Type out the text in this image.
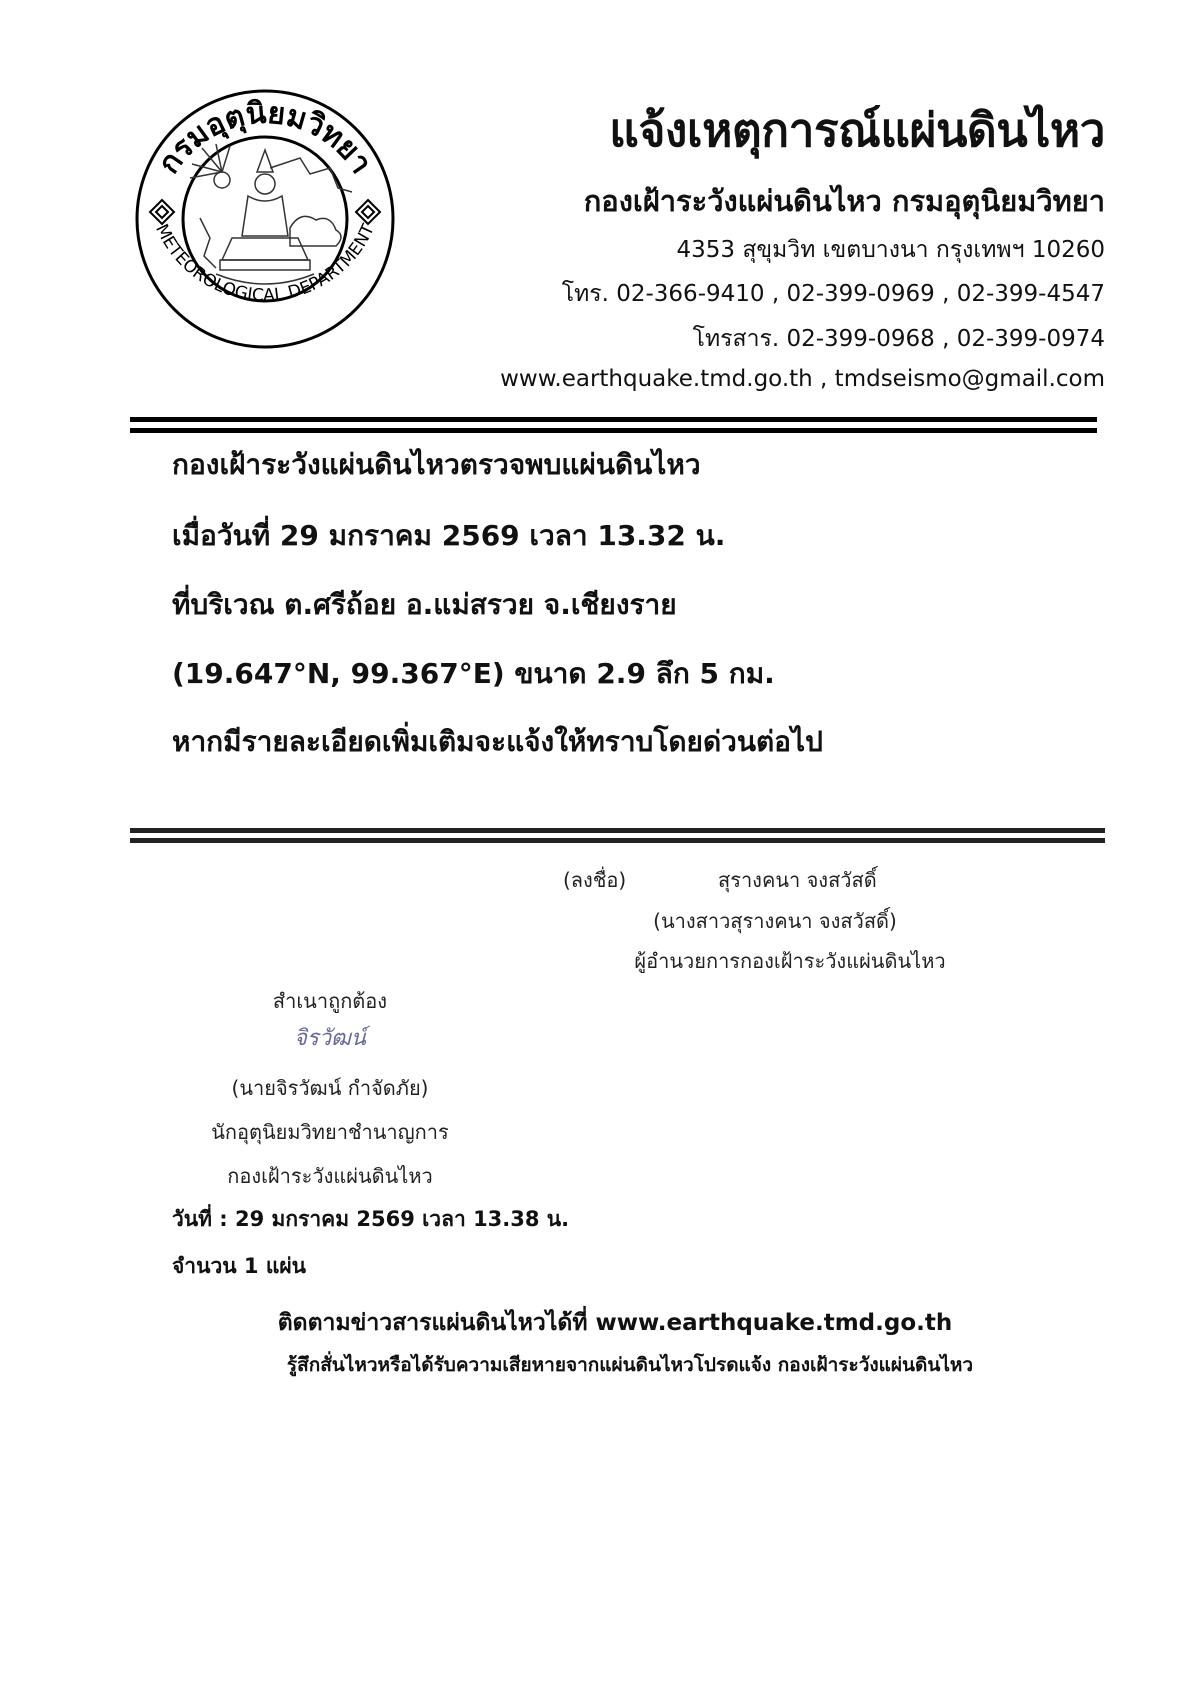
กรมอุตุนิยมวิทยา
METEOROLOGICAL DEPARTMENT
แจ้งเหตุการณ์แผ่นดินไหว
กองเฝ้าระวังแผ่นดินไหว กรมอุตุนิยมวิทยา
4353 สุขุมวิท เขตบางนา กรุงเทพฯ 10260
โทร. 02-366-9410 , 02-399-0969 , 02-399-4547
โทรสาร. 02-399-0968 , 02-399-0974
www.earthquake.tmd.go.th , tmdseismo@gmail.com
กองเฝ้าระวังแผ่นดินไหวตรวจพบแผ่นดินไหว
เมื่อวันที่ 29 มกราคม 2569 เวลา 13.32 น.
ที่บริเวณ ต.ศรีถ้อย อ.แม่สรวย จ.เชียงราย
(19.647°N, 99.367°E) ขนาด 2.9 ลึก 5 กม.
หากมีรายละเอียดเพิ่มเติมจะแจ้งให้ทราบโดยด่วนต่อไป
(ลงชื่อ)	สุรางคนา จงสวัสดิ์
(นางสาวสุรางคนา จงสวัสดิ์)
ผู้อำนวยการกองเฝ้าระวังแผ่นดินไหว
สำเนาถูกต้อง
จิรวัฒน์
(นายจิรวัฒน์ กำจัดภัย)
นักอุตุนิยมวิทยาชำนาญการ
กองเฝ้าระวังแผ่นดินไหว
วันที่ : 29 มกราคม 2569 เวลา 13.38 น.
จำนวน 1 แผ่น
ติดตามข่าวสารแผ่นดินไหวได้ที่ www.earthquake.tmd.go.th
รู้สึกสั่นไหวหรือได้รับความเสียหายจากแผ่นดินไหวโปรดแจ้ง กองเฝ้าระวังแผ่นดินไหว
